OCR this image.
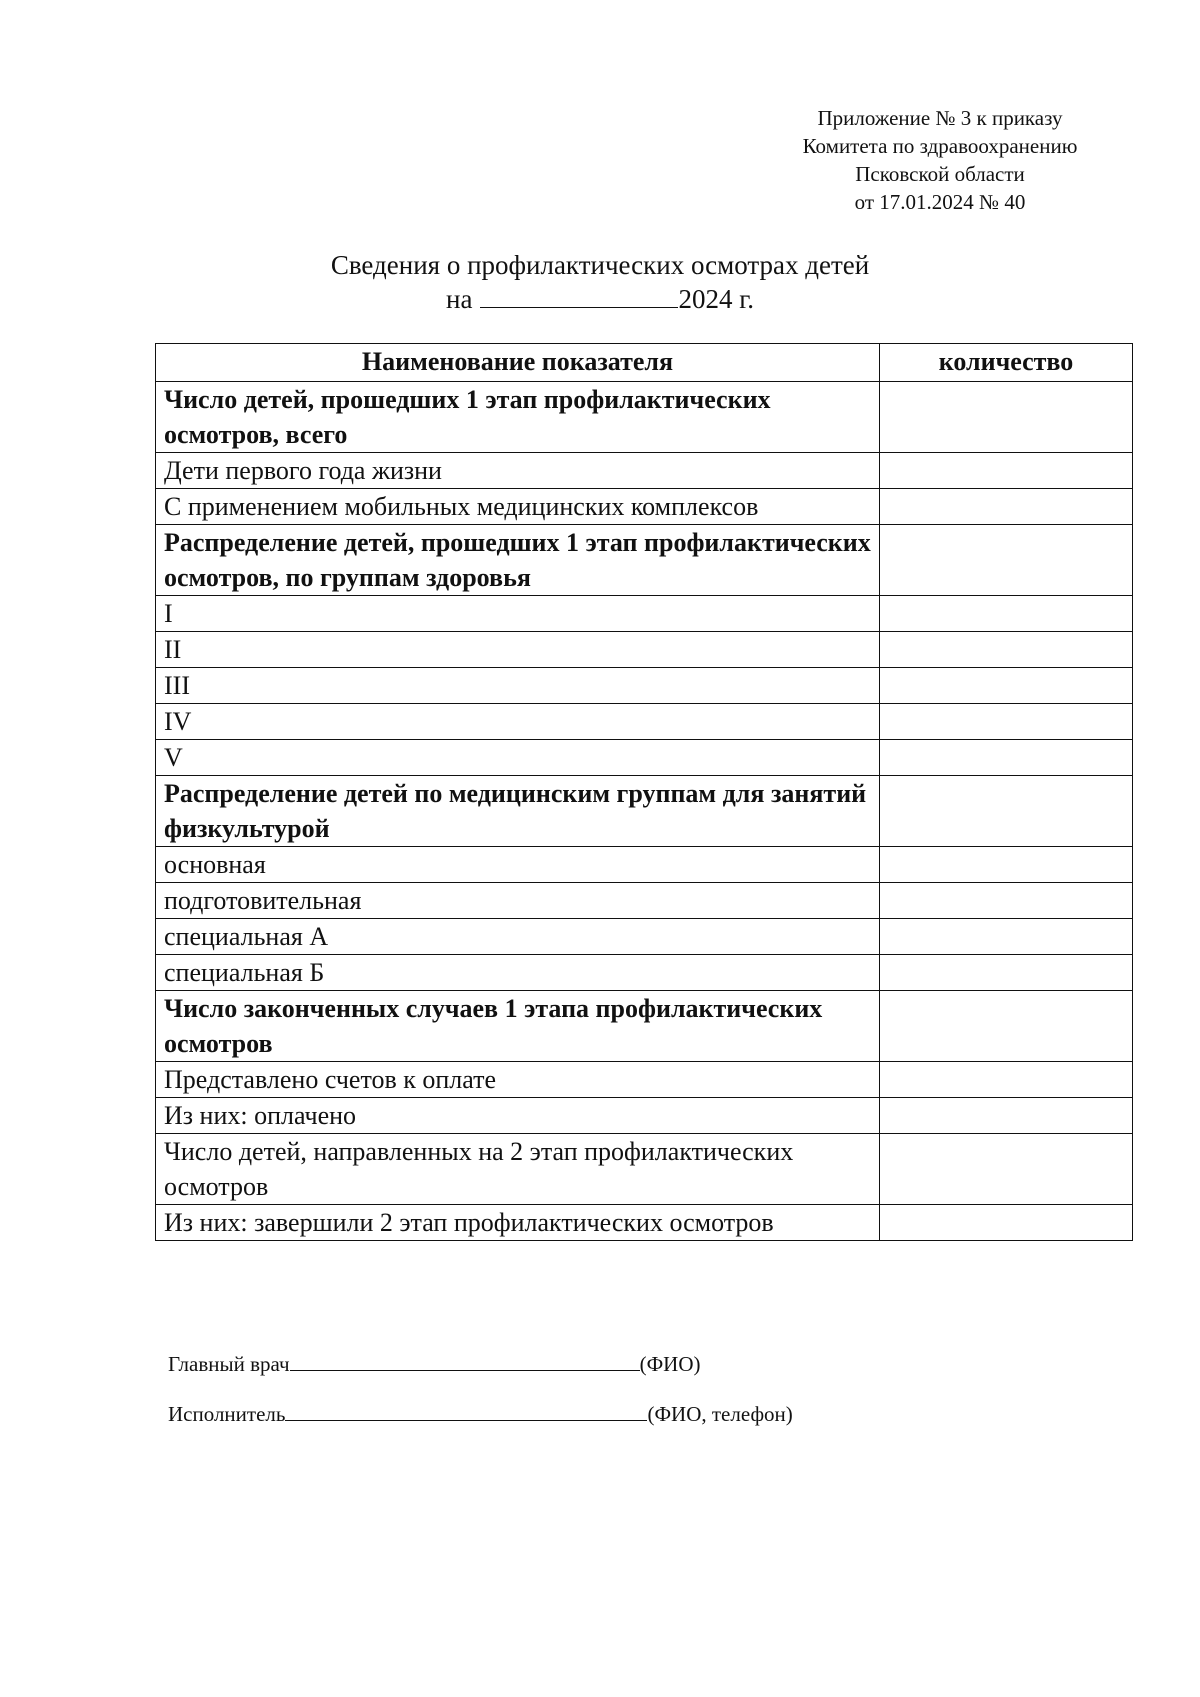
Приложение № 3 к приказу
Комитета по здравоохранению
Псковской области
от 17.01.2024 № 40
Сведения о профилактических осмотрах детей
на	2024 г.
Наименование показателя	количество
Число детей, прошедших 1 этап профилактических осмотров, всего	
Дети первого года жизни	
С применением мобильных медицинских комплексов	
Распределение детей, прошедших 1 этап профилактических осмотров, по группам здоровья	
I	
II	
III	
IV	
V	
Распределение детей по медицинским группам для занятий физкультурой	
основная	
подготовительная	
специальная А	
специальная Б	
Число законченных случаев 1 этапа профилактических осмотров	
Представлено счетов к оплате	
Из них: оплачено	
Число детей, направленных на 2 этап профилактических осмотров	
Из них: завершили 2 этап профилактических осмотров	
Главный врач	(ФИО)
Исполнитель	(ФИО, телефон)
